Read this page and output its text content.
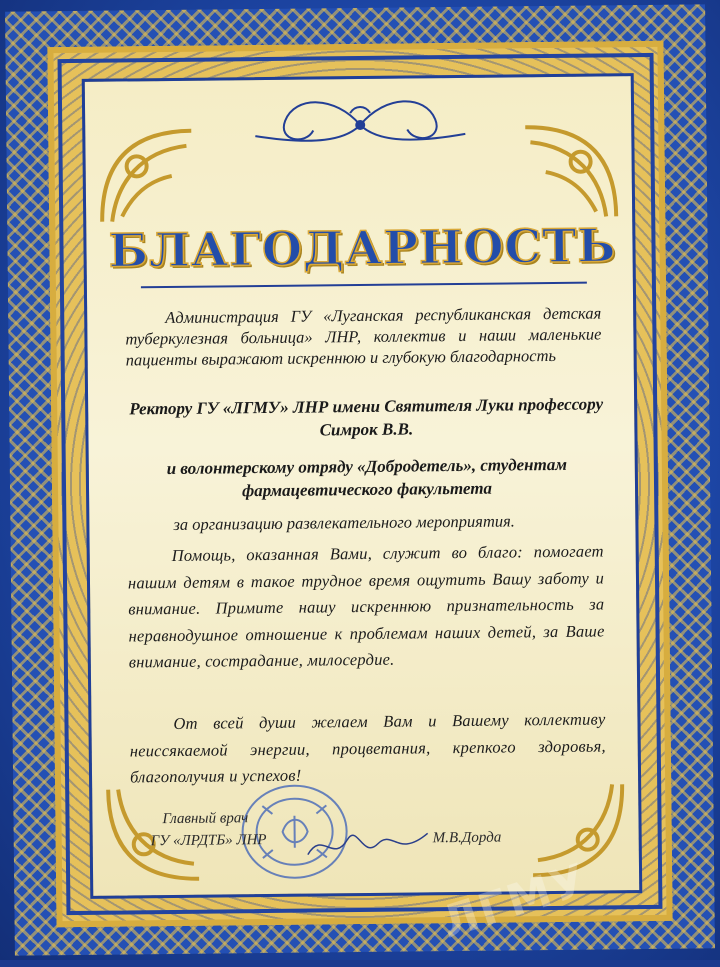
БЛАГОДАРНОСТЬ

Администрация ГУ «Луганская республиканская детская туберкулезная больница» ЛНР, коллектив и наши маленькие пациенты выражают искреннюю и глубокую благодарность

Ректору ГУ «ЛГМУ» ЛНР имени Святителя Луки профессору Симрок В.В.

и волонтерскому отряду «Добродетель», студентам фармацевтического факультета

за организацию развлекательного мероприятия.

Помощь, оказанная Вами, служит во благо: помогает нашим детям в такое трудное время ощутить Вашу заботу и внимание. Примите нашу искреннюю признательность за неравнодушное отношение к проблемам наших детей, за Ваше внимание, сострадание, милосердие.

От всей души желаем Вам и Вашему коллективу неиссякаемой энергии, процветания, крепкого здоровья, благополучия и успехов!

Главный врач

ГУ «ЛРДТБ» ЛНР	М.В.Дорда

ЛГМУ
